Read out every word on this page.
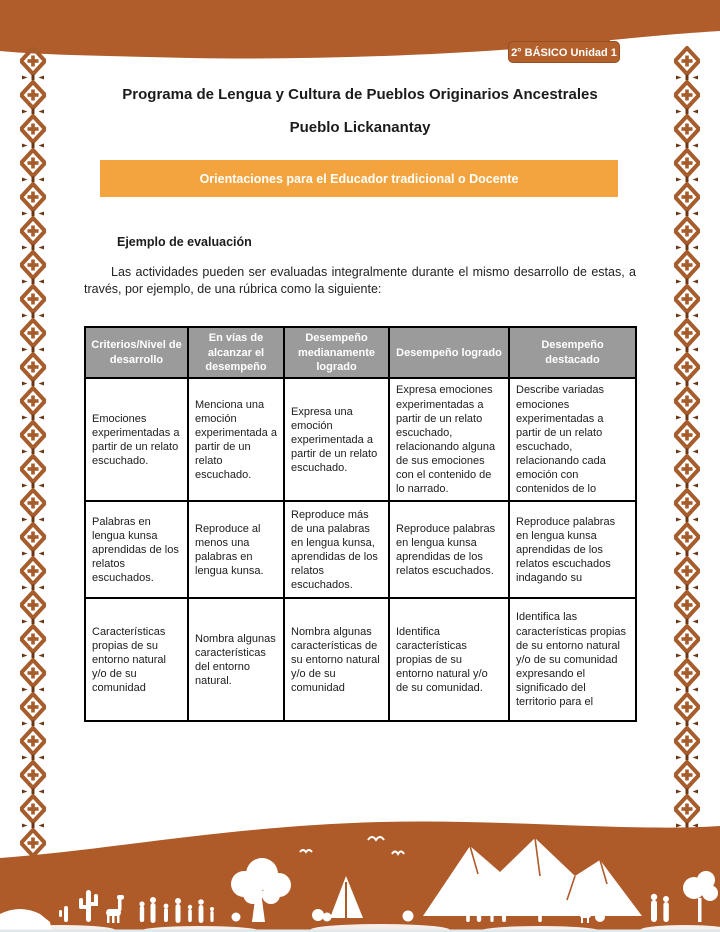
2° BÁSICO Unidad 1

Programa de Lengua y Cultura de Pueblos Originarios Ancestrales

Pueblo Lickanantay

Orientaciones para el Educador tradicional o Docente

Ejemplo de evaluación

Las actividades pueden ser evaluadas integralmente durante el mismo desarrollo de estas, a través, por ejemplo, de una rúbrica como la siguiente:

Criterios/Nivel de desarrollo	En vías de alcanzar el desempeño	Desempeño medianamente logrado	Desempeño logrado	Desempeño destacado

Emociones experimentadas a partir de un relato escuchado.	Menciona una emoción experimentada a partir de un relato escuchado.	Expresa una emoción experimentada a partir de un relato escuchado.	Expresa emociones experimentadas a partir de un relato escuchado, relacionando alguna de sus emociones con el contenido de lo narrado.	Describe variadas emociones experimentadas a partir de un relato escuchado, relacionando cada emoción con contenidos de lo

Palabras en lengua kunsa aprendidas de los relatos escuchados.	Reproduce al menos una palabras en lengua kunsa.	Reproduce más de una palabras en lengua kunsa, aprendidas de los relatos escuchados.	Reproduce palabras en lengua kunsa aprendidas de los relatos escuchados.	Reproduce palabras en lengua kunsa aprendidas de los relatos escuchados indagando su

Características propias de su entorno natural y/o de su comunidad	Nombra algunas características del entorno natural.	Nombra algunas características de su entorno natural y/o de su comunidad	Identifica características propias de su entorno natural y/o de su comunidad.	Identifica las características propias de su entorno natural y/o de su comunidad expresando el significado del territorio para el
